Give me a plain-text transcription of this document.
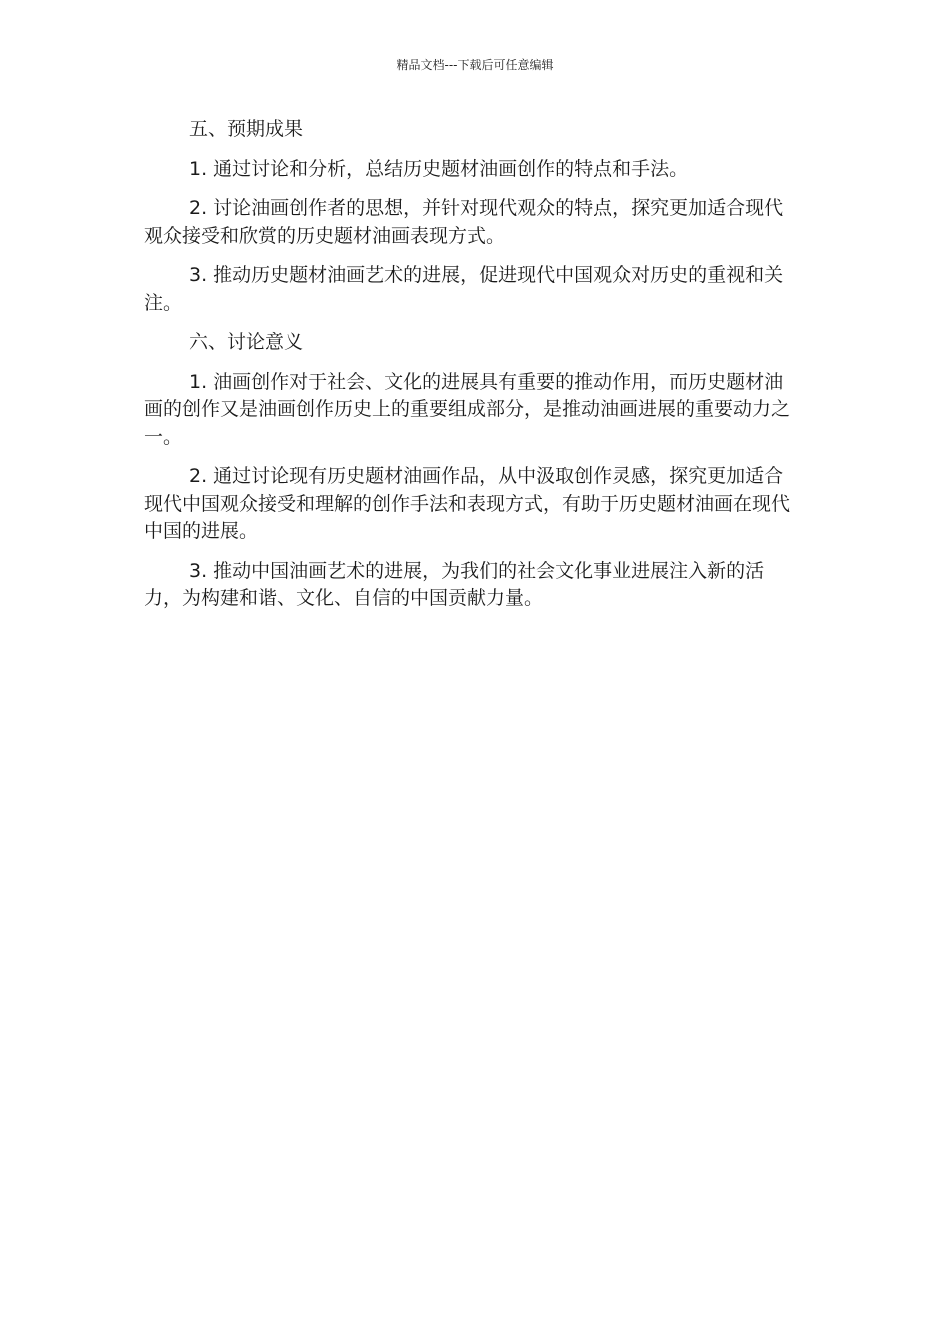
精品文档---下载后可任意编辑

五、预期成果

1. 通过讨论和分析，总结历史题材油画创作的特点和手法。

2. 讨论油画创作者的思想，并针对现代观众的特点，探究更加适合现代观众接受和欣赏的历史题材油画表现方式。

3. 推动历史题材油画艺术的进展，促进现代中国观众对历史的重视和关注。

六、讨论意义

1. 油画创作对于社会、文化的进展具有重要的推动作用，而历史题材油画的创作又是油画创作历史上的重要组成部分，是推动油画进展的重要动力之一。

2. 通过讨论现有历史题材油画作品，从中汲取创作灵感，探究更加适合现代中国观众接受和理解的创作手法和表现方式，有助于历史题材油画在现代中国的进展。

3. 推动中国油画艺术的进展，为我们的社会文化事业进展注入新的活力，为构建和谐、文化、自信的中国贡献力量。
